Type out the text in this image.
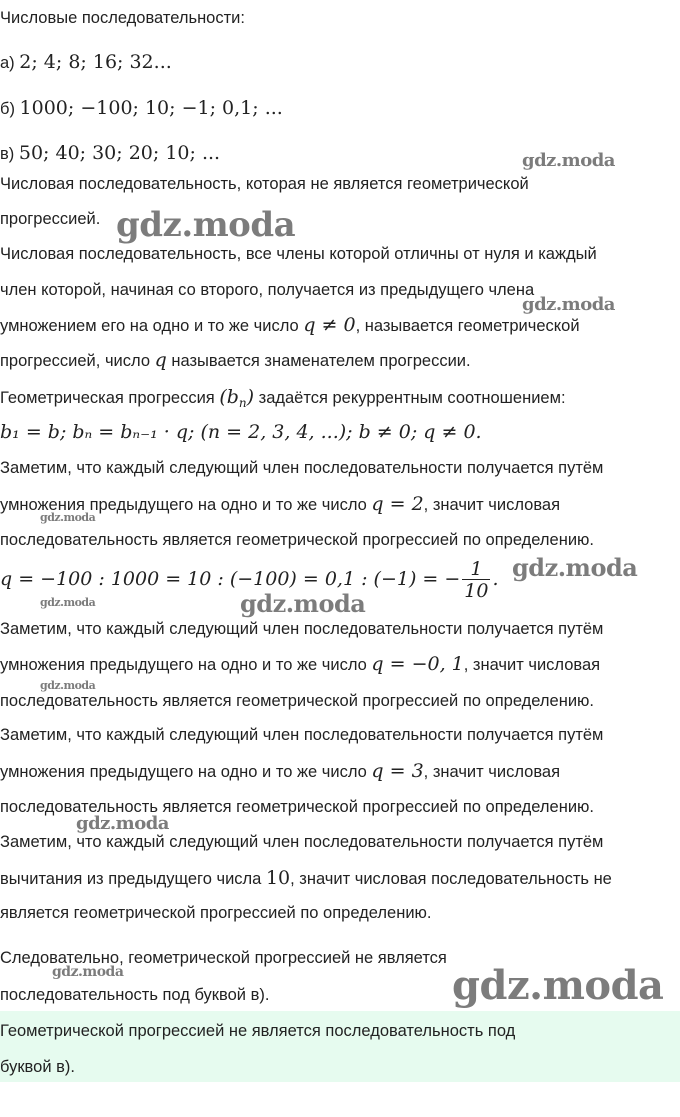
Числовые последовательности:
а) 2; 4; 8; 16; 32...
б) 1000; −100; 10; −1; 0,1; ...
в) 50; 40; 30; 20; 10; ...
Числовая последовательность, которая не является геометрической
прогрессией.
Числовая последовательность, все члены которой отличны от нуля и каждый
член которой, начиная со второго, получается из предыдущего члена
умножением его на одно и то же число q ≠ 0, называется геометрической
прогрессией, число q называется знаменателем прогрессии.
Геометрическая прогрессия $(b_n)$ задаётся рекуррентным соотношением:
b₁ = b; bₙ = bₙ₋₁ · q; (n = 2, 3, 4, ...); b ≠ 0; q ≠ 0.
Заметим, что каждый следующий член последовательности получается путём
умножения предыдущего на одно и то же число q = 2, значит числовая
последовательность является геометрической прогрессией по определению.
q = −100 : 1000 = 10 : (−100) = 0,1 : (−1) = − $\frac{1}{10}$ .
Заметим, что каждый следующий член последовательности получается путём
умножения предыдущего на одно и то же число q = −0, 1, значит числовая
последовательность является геометрической прогрессией по определению.
Заметим, что каждый следующий член последовательности получается путём
умножения предыдущего на одно и то же число q = 3, значит числовая
последовательность является геометрической прогрессией по определению.
Заметим, что каждый следующий член последовательности получается путём
вычитания из предыдущего числа 10, значит числовая последовательность не
является геометрической прогрессией по определению.
Следовательно, геометрической прогрессией не является
последовательность под буквой в).
Геометрической прогрессией не является последовательность под
буквой в).
gdz.moda
gdz.moda
gdz.moda
gdz.moda
gdz.moda
gdz.moda	gdz.moda
gdz.moda
gdz.moda
gdz.moda	gdz.moda
